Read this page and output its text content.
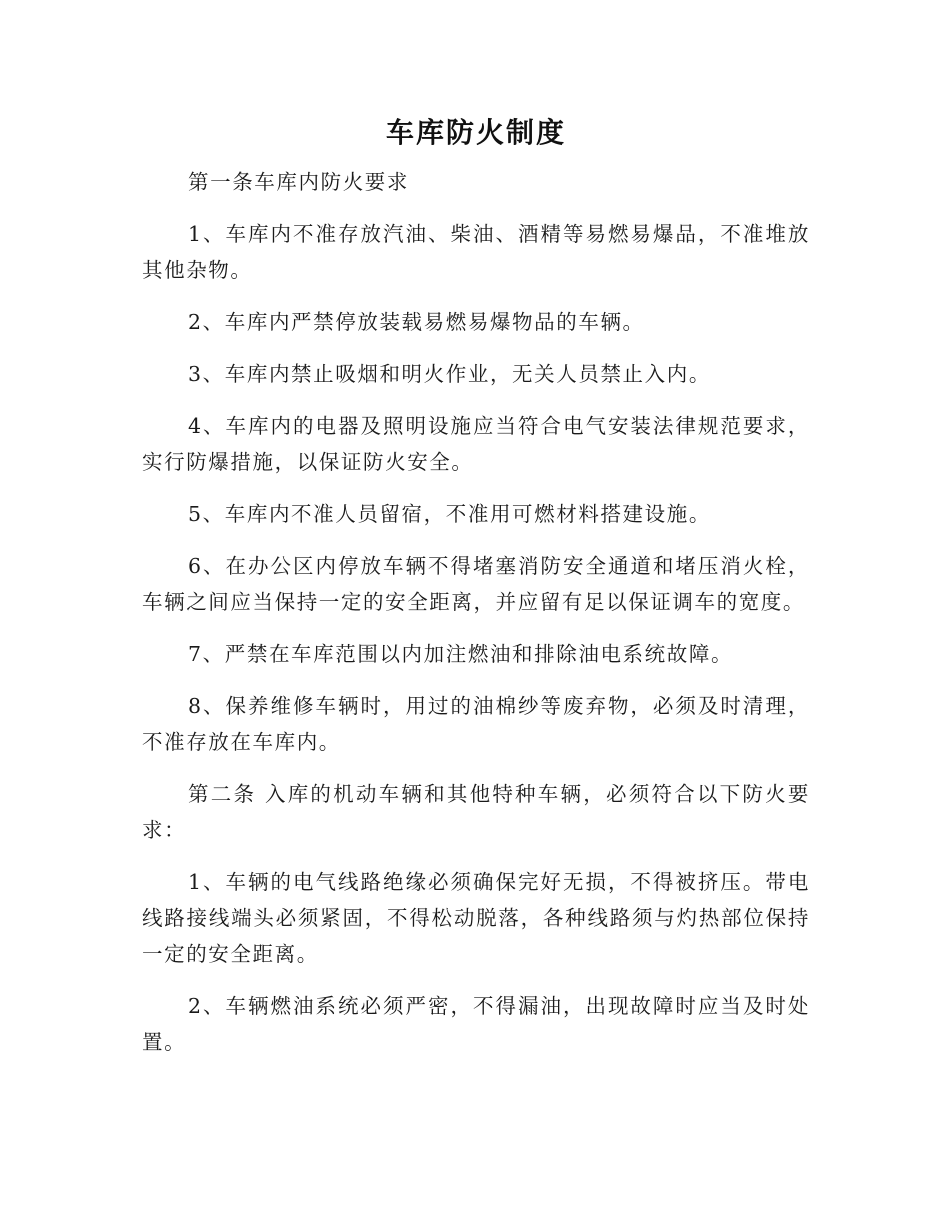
车库防火制度

第一条车库内防火要求

1、车库内不准存放汽油、柴油、酒精等易燃易爆品，不准堆放其他杂物。

2、车库内严禁停放装载易燃易爆物品的车辆。

3、车库内禁止吸烟和明火作业，无关人员禁止入内。

4、车库内的电器及照明设施应当符合电气安装法律规范要求，实行防爆措施，以保证防火安全。

5、车库内不准人员留宿，不准用可燃材料搭建设施。

6、在办公区内停放车辆不得堵塞消防安全通道和堵压消火栓，车辆之间应当保持一定的安全距离，并应留有足以保证调车的宽度。

7、严禁在车库范围以内加注燃油和排除油电系统故障。

8、保养维修车辆时，用过的油棉纱等废弃物，必须及时清理，不准存放在车库内。

第二条 入库的机动车辆和其他特种车辆，必须符合以下防火要求：

1、车辆的电气线路绝缘必须确保完好无损，不得被挤压。带电线路接线端头必须紧固，不得松动脱落，各种线路须与灼热部位保持一定的安全距离。

2、车辆燃油系统必须严密，不得漏油，出现故障时应当及时处置。
